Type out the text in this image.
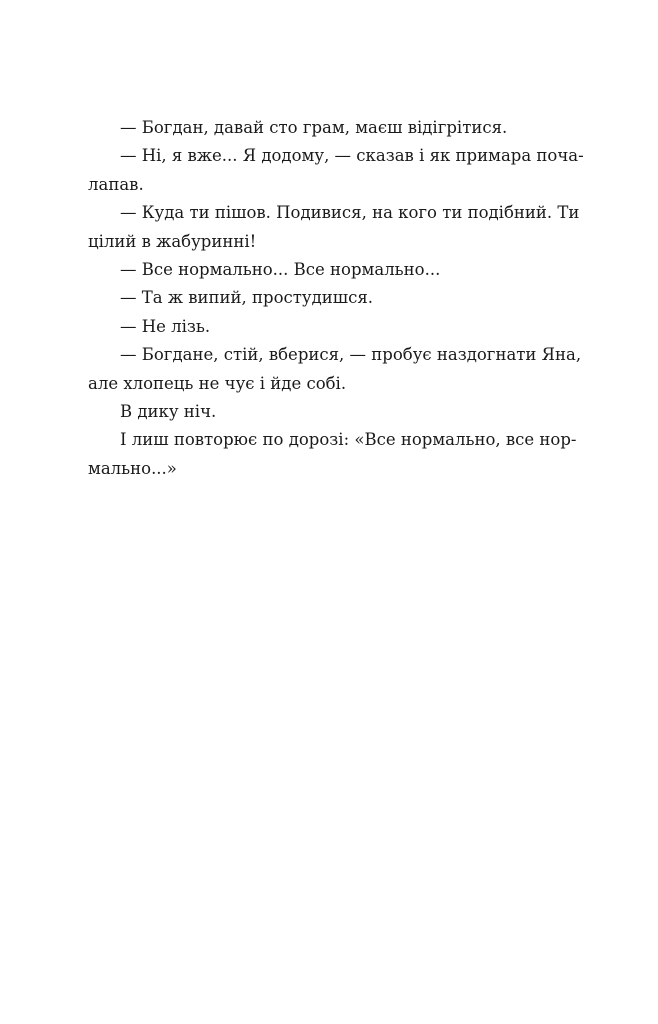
— Богдан, давай сто грам, маєш відігрітися.
— Ні, я вже... Я додому, — сказав і як примара поча-
лапав.
— Куда ти пішов. Подивися, на кого ти подібний. Ти
цілий в жабуринні!
— Все нормально... Все нормально...
— Та ж випий, простудишся.
— Не лізь.
— Богдане, стій, вберися, — пробує наздогнати Яна,
але хлопець не чує і йде собі.
В дику ніч.
І лиш повторює по дорозі: «Все нормально, все нор-
мально...»
